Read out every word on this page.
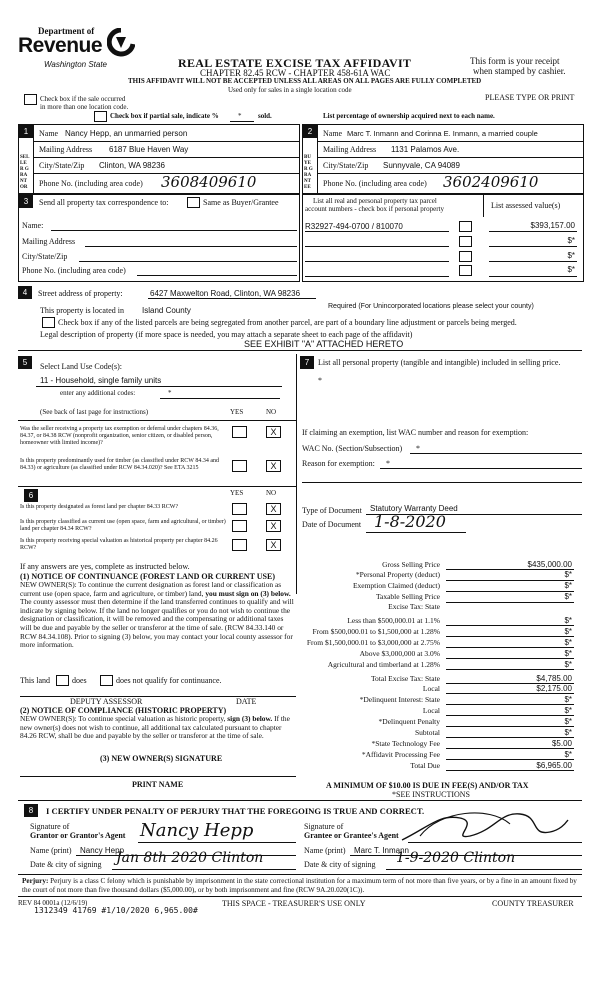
Department of
Revenue
Washington State	REAL ESTATE EXCISE TAX AFFIDAVIT
CHAPTER 82.45 RCW - CHAPTER 458-61A WAC
THIS AFFIDAVIT WILL NOT BE ACCEPTED UNLESS ALL AREAS ON ALL PAGES ARE FULLY COMPLETED
Used only for sales in a single location code
This form is your receipt
when stamped by cashier.
PLEASE TYPE OR PRINT
Check box if the sale occurred
in more than one location code.
Check box if partial sale, indicate %	* sold.	List percentage of ownership acquired next to each name.
1
SELLER GRANTOR
Name Nancy Hepp, an unmarried person
Mailing Address 6187 Blue Haven Way
City/State/Zip Clinton, WA 98236
Phone No. (including area code) 3608409610
2
BUYER GRANTEE
Name Marc T. Inmann and Corinna E. Inmann, a married couple
Mailing Address 1131 Palamos Ave.
City/State/Zip Sunnyvale, CA 94089
Phone No. (including area code) 3602409610
3	Send all property tax correspondence to:	Same as Buyer/Grantee
Name:
Mailing Address
City/State/Zip
Phone No. (including area code)
List all real and personal property tax parcel
account numbers - check box if personal property	List assessed value(s)
R32927-494-0700 / 810070	$393,157.00
$*
$*
$*
4	Street address of property:	6427 Maxwelton Road, Clinton, WA 98236
This property is located in Island County	Required (For Unincorporated locations please select your county)
Check box if any of the listed parcels are being segregated from another parcel, are part of a boundary line adjustment or parcels being merged.
Legal description of property (if more space is needed, you may attach a separate sheet to each page of the affidavit)
SEE EXHIBIT "A" ATTACHED HERETO
5	Select Land Use Code(s):
11 - Household, single family units
enter any additional codes:	*
(See back of last page for instructions)	YES	NO
Was the seller receiving a property tax exemption or deferral under chapters 84.36, 84.37, or 84.38 RCW (nonprofit organization, senior citizen, or disabled person, homeowner with limited income)?
X
Is this property predominantly used for timber (as classified under RCW 84.34 and 84.33) or agriculture (as classified under RCW 84.34.020)? See ETA 3215	X
7	List all personal property (tangible and intangible) included in selling price.
*
If claiming an exemption, list WAC number and reason for exemption:
WAC No. (Section/Subsection) *
Reason for exemption: *
6	YES	NO
Is this property designated as forest land per chapter 84.33 RCW?	X
Is this property classified as current use (open space, farm and agricultural, or timber) land per chapter 84.34 RCW?	X
Is this property receiving special valuation as historical property per chapter 84.26 RCW?	X
If any answers are yes, complete as instructed below.
(1) NOTICE OF CONTINUANCE (FOREST LAND OR CURRENT USE)
NEW OWNER(S): To continue the current designation as forest land or classification as current use (open space, farm and agriculture, or timber) land, you must sign on (3) below. The county assessor must then determine if the land transferred continues to qualify and will indicate by signing below. If the land no longer qualifies or you do not wish to continue the designation or classification, it will be removed and the compensating or additional taxes will be due and payable by the seller or transferor at the time of sale. (RCW 84.33.140 or RCW 84.34.108). Prior to signing (3) below, you may contact your local county assessor for more information.
This land	does	does not qualify for continuance.
DEPUTY ASSESSOR	DATE
(2) NOTICE OF COMPLIANCE (HISTORIC PROPERTY)
NEW OWNER(S): To continue special valuation as historic property, sign (3) below. If the new owner(s) does not wish to continue, all additional tax calculated pursuant to chapter 84.26 RCW, shall be due and payable by the seller or transferor at the time of sale.
(3) NEW OWNER(S) SIGNATURE
PRINT NAME
Type of Document Statutory Warranty Deed
Date of Document 1-8-2020
Gross Selling Price	$435,000.00
*Personal Property (deduct)	$*
Exemption Claimed (deduct)	$*
Taxable Selling Price	$*
Excise Tax: State
Less than $500,000.01 at 1.1%	$*
From $500,000.01 to $1,500,000 at 1.28%	$*
From $1,500,000.01 to $3,000,000 at 2.75%	$*
Above $3,000,000 at 3.0%	$*
Agricultural and timberland at 1.28%	$*
Total Excise Tax: State	$4,785.00
Local	$2,175.00
*Delinquent Interest: State	$*
Local	$*
*Delinquent Penalty	$*
Subtotal	$*
*State Technology Fee	$5.00
*Affidavit Processing Fee	$*
Total Due	$6,965.00
A MINIMUM OF $10.00 IS DUE IN FEE(S) AND/OR TAX
*SEE INSTRUCTIONS
8	I CERTIFY UNDER PENALTY OF PERJURY THAT THE FOREGOING IS TRUE AND CORRECT.
Signature of
Grantor or Grantor's Agent Nancy Hepp
Name (print) Nancy Hepp
Date & city of signing Jan 8th 2020 Clinton
Signature of
Grantee or Grantee's Agent
Name (print) Marc T. Inmann
Date & city of signing 1-9-2020 Clinton
Perjury: Perjury is a class C felony which is punishable by imprisonment in the state correctional institution for a maximum term of not more than five years, or by a fine in an amount fixed by the court of not more than five thousand dollars ($5,000.00), or by both imprisonment and fine (RCW 9A.20.020(1C)).
REV 84 0001a (12/6/19)
1312349 41769 #1/10/2020 6,965.00#
THIS SPACE - TREASURER'S USE ONLY	COUNTY TREASURER
